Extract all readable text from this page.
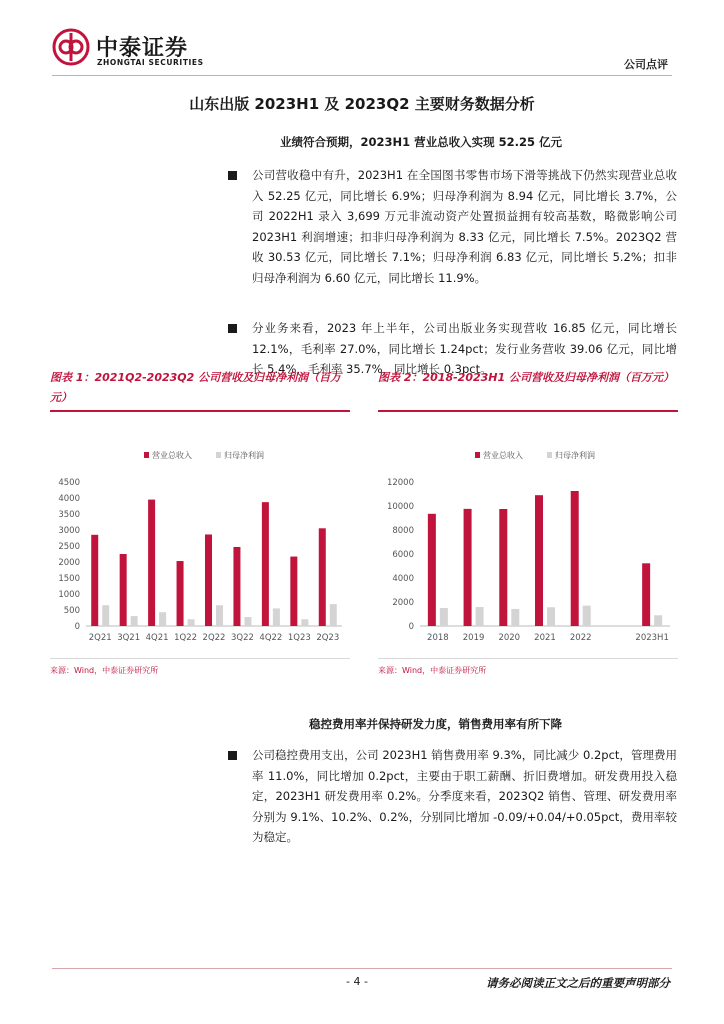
中泰证券
ZHONGTAI SECURITIES	公司点评
山东出版 2023H1 及 2023Q2 主要财务数据分析
业绩符合预期，2023H1 营业总收入实现 52.25 亿元
公司营收稳中有升，2023H1 在全国图书零售市场下滑等挑战下仍然实现营业总收入 52.25 亿元，同比增长 6.9%；归母净利润为 8.94 亿元，同比增长 3.7%，公司 2022H1 录入 3,699 万元非流动资产处置损益拥有较高基数，略微影响公司 2023H1 利润增速；扣非归母净利润为 8.33 亿元，同比增长 7.5%。2023Q2 营收 30.53 亿元，同比增长 7.1%；归母净利润 6.83 亿元，同比增长 5.2%；扣非归母净利润为 6.60 亿元，同比增长 11.9%。
分业务来看，2023 年上半年，公司出版业务实现营收 16.85 亿元，同比增长 12.1%，毛利率 27.0%，同比增长 1.24pct；发行业务营收 39.06 亿元，同比增长 5.4%，毛利率 35.7%，同比增长 0.3pct。
图表 1：2021Q2-2023Q2 公司营收及归母净利润（百万元）
营业总收入	归母净利润
0
500
1000
1500
2000
2500
3000
3500
4000
4500
2Q21 3Q21 4Q21 1Q22 2Q22 3Q22 4Q22 1Q23 2Q23
来源：Wind，中泰证券研究所
图表 2：2018-2023H1 公司营收及归母净利润（百万元）
营业总收入	归母净利润
0
2000
4000
6000
8000
10000
12000
2018 2019 2020 2021 2022	2023H1
来源：Wind，中泰证券研究所
稳控费用率并保持研发力度，销售费用率有所下降
公司稳控费用支出，公司 2023H1 销售费用率 9.3%，同比减少 0.2pct，管理费用率 11.0%，同比增加 0.2pct，主要由于职工薪酬、折旧费增加。研发费用投入稳定，2023H1 研发费用率 0.2%。分季度来看，2023Q2 销售、管理、研发费用率分别为 9.1%、10.2%、0.2%，分别同比增加 -0.09/+0.04/+0.05pct，费用率较为稳定。
- 4 -	请务必阅读正文之后的重要声明部分
